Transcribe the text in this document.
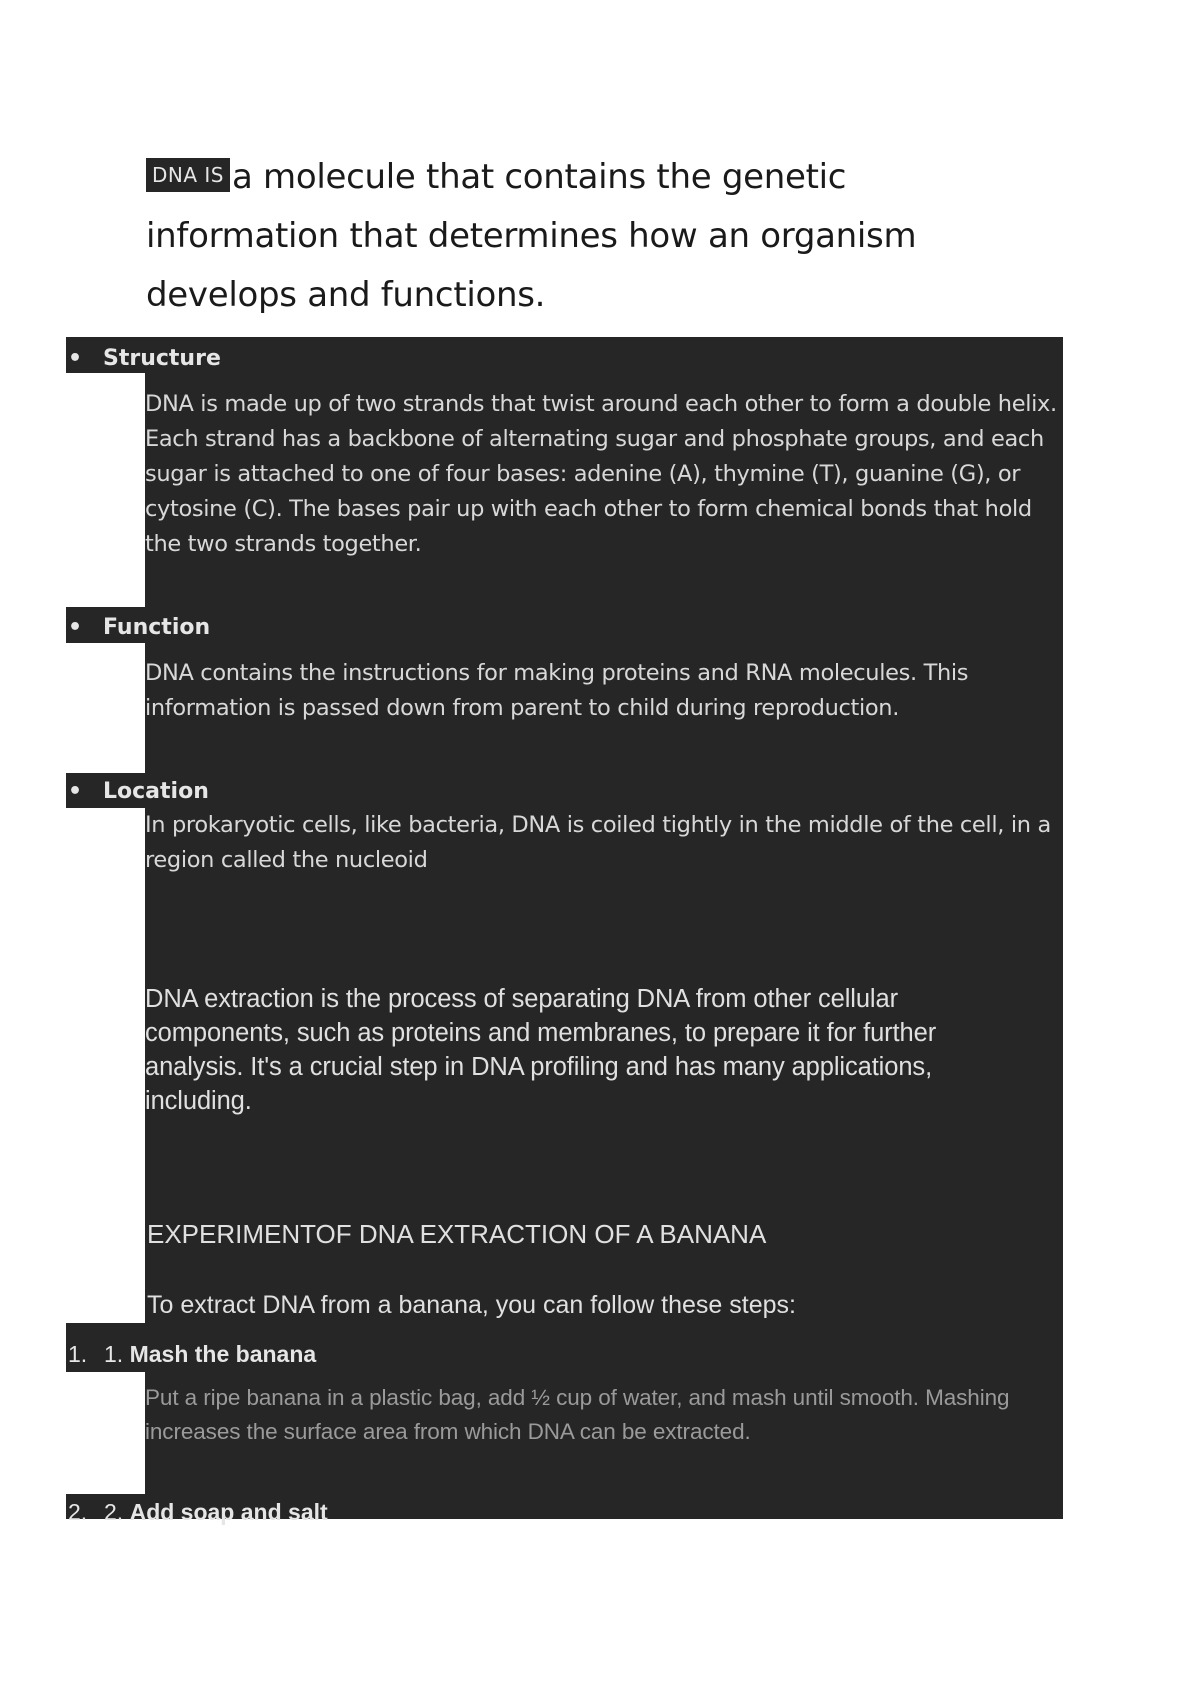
DNA IS a molecule that contains the genetic information that determines how an organism develops and functions.
• Structure
DNA is made up of two strands that twist around each other to form a double helix. Each strand has a backbone of alternating sugar and phosphate groups, and each sugar is attached to one of four bases: adenine (A), thymine (T), guanine (G), or cytosine (C). The bases pair up with each other to form chemical bonds that hold the two strands together.
• Function
DNA contains the instructions for making proteins and RNA molecules. This information is passed down from parent to child during reproduction.
• Location
In prokaryotic cells, like bacteria, DNA is coiled tightly in the middle of the cell, in a region called the nucleoid
DNA extraction is the process of separating DNA from other cellular components, such as proteins and membranes, to prepare it for further analysis. It's a crucial step in DNA profiling and has many applications, including.
EXPERIMENTOF DNA EXTRACTION OF A BANANA
To extract DNA from a banana, you can follow these steps:
1. 1. Mash the banana
Put a ripe banana in a plastic bag, add ½ cup of water, and mash until smooth. Mashing increases the surface area from which DNA can be extracted.
2. 2. Add soap and salt
